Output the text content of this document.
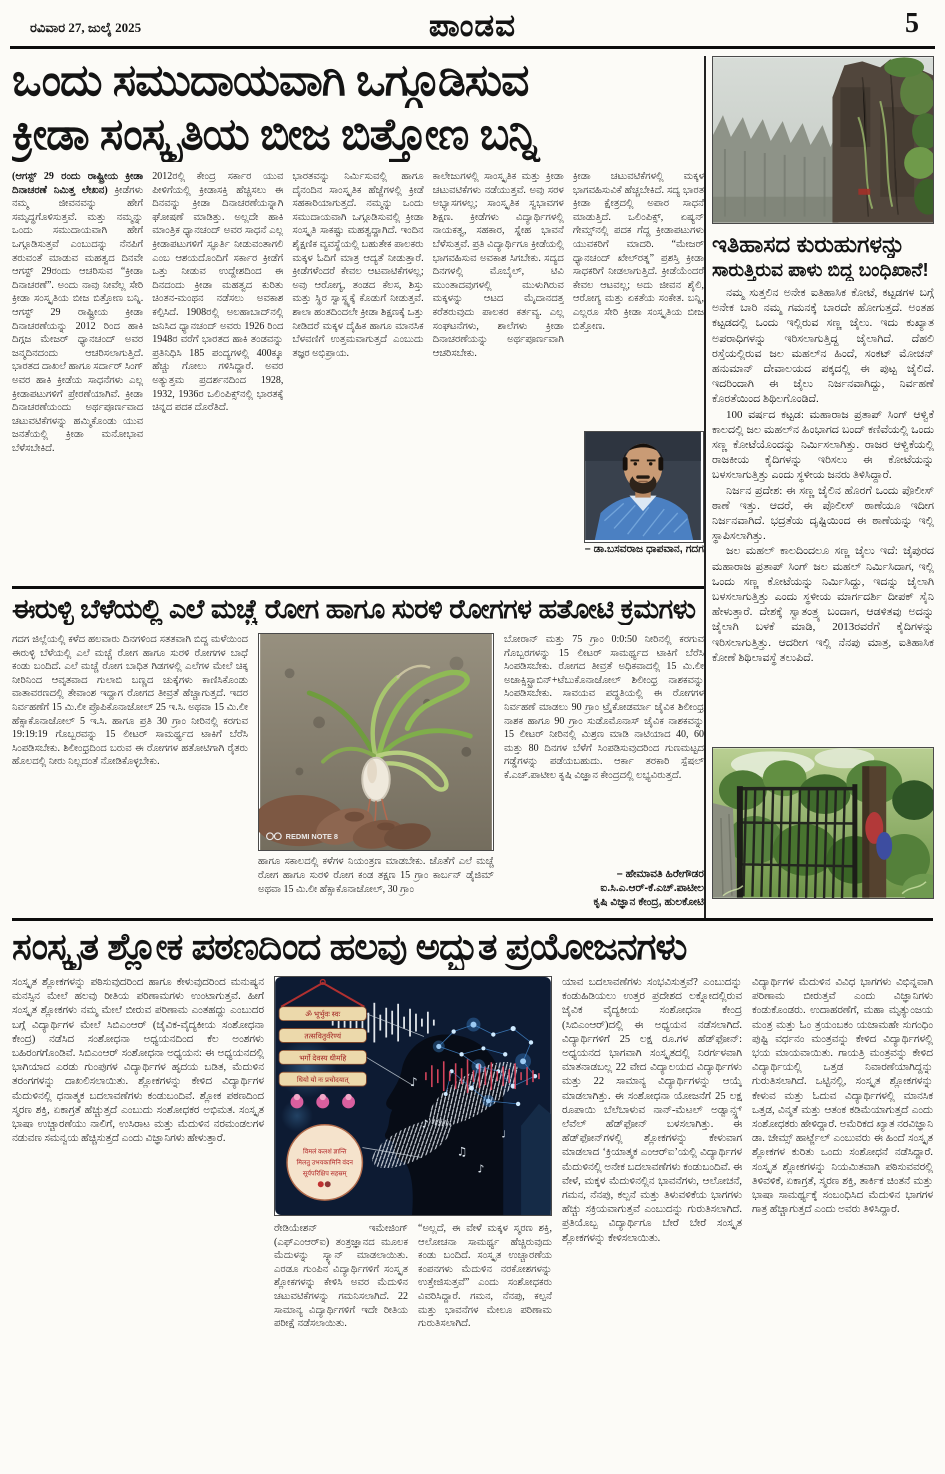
ರವಿವಾರ 27, ಜುಲೈ 2025	ಪಾಂಡವ	5
ಒಂದು ಸಮುದಾಯವಾಗಿ ಒಗ್ಗೂಡಿಸುವ
ಕ್ರೀಡಾ ಸಂಸ್ಕೃತಿಯ ಬೀಜ ಬಿತ್ತೋಣ ಬನ್ನಿ
(ಆಗಸ್ಟ್ 29 ರಂದು ರಾಷ್ಟ್ರೀಯ ಕ್ರೀಡಾ ದಿನಾಚರಣೆ ನಿಮಿತ್ತ ಲೇಖನ) ಕ್ರೀಡೆಗಳು ನಮ್ಮ ಜೀವನವನ್ನು ಹೇಗೆ ಸಮೃದ್ಧಗೊಳಿಸುತ್ತವೆ. ಮತ್ತು ನಮ್ಮನ್ನು ಒಂದು ಸಮುದಾಯವಾಗಿ ಹೇಗೆ ಒಗ್ಗೂಡಿಸುತ್ತವೆ ಎಂಬುದನ್ನು ನೆನಪಿಗೆ ತರುವಂತೆ ಮಾಡುವ ಮಹತ್ವದ ದಿನವೇ ಆಗಸ್ಟ್ 29ರಂದು ಆಚರಿಸುವ “ಕ್ರೀಡಾ ದಿನಾಚರಣೆ”. ಅಂದು ನಾವು ನೀವೆಲ್ಲ ಸೇರಿ ಕ್ರೀಡಾ ಸಂಸ್ಕೃತಿಯ ಬೀಜ ಬಿತ್ತೋಣ ಬನ್ನಿ. ಆಗಸ್ಟ್ 29 ರಾಷ್ಟ್ರೀಯ ಕ್ರೀಡಾ ದಿನಾಚರಣೆಯನ್ನು 2012 ರಿಂದ ಹಾಕಿ ದಿಗ್ಗಜ ಮೇಜರ್ ಧ್ಯಾನಚಂದ್ ಅವರ ಜನ್ಮದಿನದಂದು ಆಚರಿಸಲಾಗುತ್ತಿದೆ. ಭಾರತದ ದಾಖಲೆ ಹಾಗೂ ಸರ್ದಾರ್ ಸಿಂಗ್ ಅವರ ಹಾಕಿ ಕ್ರೀಡೆಯ ಸಾಧನೆಗಳು ಎಲ್ಲ ಕ್ರೀಡಾಪಟುಗಳಿಗೆ ಪ್ರೇರಣೆಯಾಗಿವೆ. ಕ್ರೀಡಾ ದಿನಾಚರಣೆಯಂದು ಅರ್ಥಪೂರ್ಣವಾದ ಚಟುವಟಿಕೆಗಳನ್ನು ಹಮ್ಮಿಕೊಂಡು ಯುವ ಜನತೆಯಲ್ಲಿ ಕ್ರೀಡಾ ಮನೋಭಾವ ಬೆಳೆಸಬೇಕಿದೆ.
2012ರಲ್ಲಿ ಕೇಂದ್ರ ಸರ್ಕಾರ ಯುವ ಪೀಳಿಗೆಯಲ್ಲಿ ಕ್ರೀಡಾಸಕ್ತಿ ಹೆಚ್ಚಿಸಲು ಈ ದಿನವನ್ನು ಕ್ರೀಡಾ ದಿನಾಚರಣೆಯನ್ನಾಗಿ ಘೋಷಣೆ ಮಾಡಿತ್ತು. ಅಲ್ಲದೇ ಹಾಕಿ ಮಾಂತ್ರಿಕ ಧ್ಯಾನಚಂದ್ ಅವರ ಸಾಧನೆ ಎಲ್ಲ ಕ್ರೀಡಾಪಟುಗಳಿಗೆ ಸ್ಫೂರ್ತಿ ನೀಡುವಂತಾಗಲಿ ಎಂಬ ಆಶಯದೊಂದಿಗೆ ಸರ್ಕಾರ ಕ್ರೀಡೆಗೆ ಒತ್ತು ನೀಡುವ ಉದ್ದೇಶದಿಂದ ಈ ದಿನದಂದು ಕ್ರೀಡಾ ಮಹತ್ವದ ಕುರಿತು ಚಿಂತನ-ಮಂಥನ ನಡೆಸಲು ಅವಕಾಶ ಕಲ್ಪಿಸಿದೆ. 1908ರಲ್ಲಿ ಅಲಹಾಬಾದ್‌ನಲ್ಲಿ ಜನಿಸಿದ ಧ್ಯಾನಚಂದ್ ಅವರು 1926 ರಿಂದ 1948ರ ವರೆಗೆ ಭಾರತದ ಹಾಕಿ ತಂಡವನ್ನು ಪ್ರತಿನಿಧಿಸಿ 185 ಪಂದ್ಯಗಳಲ್ಲಿ 400ಕ್ಕೂ ಹೆಚ್ಚು ಗೋಲು ಗಳಿಸಿದ್ದಾರೆ. ಅವರ ಅತ್ಯುತ್ತಮ ಪ್ರದರ್ಶನದಿಂದ 1928, 1932, 1936ರ ಒಲಿಂಪಿಕ್ಸ್‌ನಲ್ಲಿ ಭಾರತಕ್ಕೆ ಚಿನ್ನದ ಪದಕ ದೊರೆತಿದೆ.
ಭಾರತವನ್ನು ನಿರ್ಮಿಸುವಲ್ಲಿ ಹಾಗೂ ದೈನಂದಿನ ಸಾಂಸ್ಕೃತಿಕ ಹೆಜ್ಜೆಗಳಲ್ಲಿ ಕ್ರೀಡೆ ಸಹಕಾರಿಯಾಗುತ್ತದೆ. ನಮ್ಮನ್ನು ಒಂದು ಸಮುದಾಯವಾಗಿ ಒಗ್ಗೂಡಿಸುವಲ್ಲಿ ಕ್ರೀಡಾ ಸಂಸ್ಕೃತಿ ಸಾಕಷ್ಟು ಮಹತ್ವದ್ದಾಗಿದೆ. ಇಂದಿನ ಶೈಕ್ಷಣಿಕ ವ್ಯವಸ್ಥೆಯಲ್ಲಿ ಬಹುತೇಕ ಪಾಲಕರು ಮಕ್ಕಳ ಓದಿಗೆ ಮಾತ್ರ ಆದ್ಯತೆ ನೀಡುತ್ತಾರೆ. ಕ್ರೀಡೆಗಳೆಂದರೆ ಕೇವಲ ಆಟವಾಟಿಕೆಗಳಲ್ಲ; ಅವು ಆರೋಗ್ಯ, ತಂಡದ ಕೆಲಸ, ಶಿಸ್ತು ಮತ್ತು ಸ್ಥಿರ ಸ್ವಾಸ್ಥ್ಯಕ್ಕೆ ಕೊಡುಗೆ ನೀಡುತ್ತವೆ. ಶಾಲಾ ಹಂತದಿಂದಲೇ ಕ್ರೀಡಾ ಶಿಕ್ಷಣಕ್ಕೆ ಒತ್ತು ನೀಡಿದರೆ ಮಕ್ಕಳ ದೈಹಿಕ ಹಾಗೂ ಮಾನಸಿಕ ಬೆಳವಣಿಗೆ ಉತ್ತಮವಾಗುತ್ತದೆ ಎಂಬುದು ತಜ್ಞರ ಅಭಿಪ್ರಾಯ.
ಕಾಲೇಜುಗಳಲ್ಲಿ ಸಾಂಸ್ಕೃತಿಕ ಮತ್ತು ಕ್ರೀಡಾ ಚಟುವಟಿಕೆಗಳು ನಡೆಯುತ್ತವೆ. ಅವು ಸರಳ ಅಭ್ಯಾಸಗಳಲ್ಲ; ಸಾಂಸ್ಕೃತಿಕ ಸ್ವಭಾವಗಳ ಶಿಕ್ಷಣ. ಕ್ರೀಡೆಗಳು ವಿದ್ಯಾರ್ಥಿಗಳಲ್ಲಿ ನಾಯಕತ್ವ, ಸಹಕಾರ, ಸ್ನೇಹ ಭಾವನೆ ಬೆಳೆಸುತ್ತವೆ. ಪ್ರತಿ ವಿದ್ಯಾರ್ಥಿಗೂ ಕ್ರೀಡೆಯಲ್ಲಿ ಭಾಗವಹಿಸುವ ಅವಕಾಶ ಸಿಗಬೇಕು. ಸದ್ಯದ ದಿನಗಳಲ್ಲಿ ಮೊಬೈಲ್, ಟಿವಿ ಮುಂತಾದವುಗಳಲ್ಲಿ ಮುಳುಗಿರುವ ಮಕ್ಕಳನ್ನು ಆಟದ ಮೈದಾನದತ್ತ ಕರೆತರುವುದು ಪಾಲಕರ ಕರ್ತವ್ಯ. ಎಲ್ಲ ಸಂಘಟನೆಗಳು, ಶಾಲೆಗಳು ಕ್ರೀಡಾ ದಿನಾಚರಣೆಯನ್ನು ಅರ್ಥಪೂರ್ಣವಾಗಿ ಆಚರಿಸಬೇಕು.
ಕ್ರೀಡಾ ಚಟುವಟಿಕೆಗಳಲ್ಲಿ ಮಕ್ಕಳ ಭಾಗವಹಿಸುವಿಕೆ ಹೆಚ್ಚಬೇಕಿದೆ. ಸದ್ಯ ಭಾರತ ಕ್ರೀಡಾ ಕ್ಷೇತ್ರದಲ್ಲಿ ಅಪಾರ ಸಾಧನೆ ಮಾಡುತ್ತಿದೆ. ಒಲಿಂಪಿಕ್ಸ್, ಏಷ್ಯನ್ ಗೇಮ್ಸ್‌ನಲ್ಲಿ ಪದಕ ಗೆದ್ದ ಕ್ರೀಡಾಪಟುಗಳು ಯುವಕರಿಗೆ ಮಾದರಿ. “ಮೇಜರ್ ಧ್ಯಾನಚಂದ್ ಖೇಲ್‌ರತ್ನ” ಪ್ರಶಸ್ತಿ ಕ್ರೀಡಾ ಸಾಧಕರಿಗೆ ನೀಡಲಾಗುತ್ತಿದೆ. ಕ್ರೀಡೆಯೆಂದರೆ ಕೇವಲ ಆಟವಲ್ಲ; ಅದು ಜೀವನ ಶೈಲಿ, ಆರೋಗ್ಯ ಮತ್ತು ಏಕತೆಯ ಸಂಕೇತ. ಬನ್ನಿ, ಎಲ್ಲರೂ ಸೇರಿ ಕ್ರೀಡಾ ಸಂಸ್ಕೃತಿಯ ಬೀಜ ಬಿತ್ತೋಣ.
– ಡಾ.ಬಸವರಾಜ ಧಾಪವಾನ, ಗದಗ
ಇತಿಹಾಸದ ಕುರುಹುಗಳನ್ನು
ಸಾರುತ್ತಿರುವ ಪಾಳು ಬಿದ್ದ ಬಂಧಿಖಾನೆ!

ನಮ್ಮ ಸುತ್ತಲಿನ ಅನೇಕ ಐತಿಹಾಸಿಕ ಕೋಟೆ, ಕಟ್ಟಡಗಳ ಬಗ್ಗೆ ಅನೇಕ ಬಾರಿ ನಮ್ಮ ಗಮನಕ್ಕೆ ಬಾರದೇ ಹೋಗುತ್ತದೆ. ಅಂತಹ ಕಟ್ಟಡದಲ್ಲಿ ಒಂದು ಇಲ್ಲಿರುವ ಸಣ್ಣ ಜೈಲು. ಇದು ಕುಖ್ಯಾತ ಅಪರಾಧಿಗಳನ್ನು ಇರಿಸಲಾಗುತ್ತಿದ್ದ ಜೈಲಾಗಿದೆ. ದೆಹಲಿ ರಸ್ತೆಯಲ್ಲಿರುವ ಜಲ ಮಹಲ್‌ನ ಹಿಂದೆ, ಸಂಕಟ್ ಮೋಚನ್ ಹನುಮಾನ್ ದೇವಾಲಯದ ಪಕ್ಕದಲ್ಲಿ ಈ ಪುಟ್ಟ ಜೈಲಿದೆ. ಇದರಿಂದಾಗಿ ಈ ಜೈಲು ನಿರ್ಜನವಾಗಿದ್ದು, ನಿರ್ವಹಣೆ ಕೊರತೆಯಿಂದ ಶಿಥಿಲಗೊಂಡಿದೆ.

100 ವರ್ಷದ ಕಟ್ಟಡ: ಮಹಾರಾಜ ಪ್ರತಾಪ್ ಸಿಂಗ್ ಆಳ್ವಿಕೆ ಕಾಲದಲ್ಲಿ ಜಲ ಮಹಲ್‌ನ ಹಿಂಭಾಗದ ಬಂದ್ ಕಣಿವೆಯಲ್ಲಿ ಒಂದು ಸಣ್ಣ ಕೋಟೆಯೊಂದನ್ನು ನಿರ್ಮಿಸಲಾಗಿತ್ತು. ರಾಜರ ಆಳ್ವಿಕೆಯಲ್ಲಿ ರಾಜಕೀಯ ಕೈದಿಗಳನ್ನು ಇರಿಸಲು ಈ ಕೋಟೆಯನ್ನು ಬಳಸಲಾಗುತ್ತಿತ್ತು ಎಂದು ಸ್ಥಳೀಯ ಜನರು ತಿಳಿಸಿದ್ದಾರೆ.

ನಿರ್ಜನ ಪ್ರದೇಶ: ಈ ಸಣ್ಣ ಜೈಲಿನ ಹೊರಗೆ ಒಂದು ಪೊಲೀಸ್ ಠಾಣೆ ಇತ್ತು. ಆದರೆ, ಈ ಪೊಲೀಸ್ ಠಾಣೆಯೂ ಇದೀಗ ನಿರ್ಜನವಾಗಿದೆ. ಭದ್ರತೆಯ ದೃಷ್ಟಿಯಿಂದ ಈ ಠಾಣೆಯನ್ನು ಇಲ್ಲಿ ಸ್ಥಾಪಿಸಲಾಗಿತ್ತು.

ಜಲ ಮಹಲ್ ಕಾಲದಿಂದಲೂ ಸಣ್ಣ ಜೈಲು ಇದೆ: ಜೈಪುರದ ಮಹಾರಾಜ ಪ್ರತಾಪ್ ಸಿಂಗ್ ಜಲ ಮಹಲ್ ನಿರ್ಮಿಸಿದಾಗ, ಇಲ್ಲಿ ಒಂದು ಸಣ್ಣ ಕೋಟೆಯನ್ನು ನಿರ್ಮಿಸಿದ್ದು, ಇದನ್ನು ಜೈಲಾಗಿ ಬಳಸಲಾಗುತ್ತಿತ್ತು ಎಂದು ಸ್ಥಳೀಯ ಮಾರ್ಗದರ್ಶಿ ದೀಪಕ್ ಸೈನಿ ಹೇಳುತ್ತಾರೆ. ದೇಶಕ್ಕೆ ಸ್ವಾತಂತ್ರ್ಯ ಬಂದಾಗ, ಆಡಳಿತವು ಅದನ್ನು ಜೈಲಾಗಿ ಬಳಕೆ ಮಾಡಿ, 2013ರವರೆಗೆ ಕೈದಿಗಳನ್ನು ಇರಿಸಲಾಗುತ್ತಿತ್ತು. ಆದರೀಗ ಇಲ್ಲಿ ನೆನಪು ಮಾತ್ರ, ಐತಿಹಾಸಿಕ ಕೋಣೆ ಶಿಥಿಲಾವಸ್ಥೆ ತಲುಪಿದೆ.

ಈರುಳ್ಳಿ ಬೆಳೆಯಲ್ಲಿ ಎಲೆ ಮಚ್ಚೆ ರೋಗ ಹಾಗೂ ಸುರಳಿ ರೋಗಗಳ ಹತೋಟಿ ಕ್ರಮಗಳು
ಗದಗ ಜಿಲ್ಲೆಯಲ್ಲಿ ಕಳೆದ ಹಲವಾರು ದಿನಗಳಿಂದ ಸತತವಾಗಿ ಬಿದ್ದ ಮಳೆಯಿಂದ ಈರುಳ್ಳಿ ಬೆಳೆಯಲ್ಲಿ ಎಲೆ ಮಚ್ಚೆ ರೋಗ ಹಾಗೂ ಸುರಳಿ ರೋಗಗಳ ಬಾಧೆ ಕಂಡು ಬಂದಿದೆ. ಎಲೆ ಮಚ್ಚೆ ರೋಗ ಬಾಧಿತ ಗಿಡಗಳಲ್ಲಿ ಎಲೆಗಳ ಮೇಲೆ ಚಿಕ್ಕ ನೀರಿನಿಂದ ಆವೃತವಾದ ಗುಲಾಬಿ ಬಣ್ಣದ ಚುಕ್ಕೆಗಳು ಕಾಣಿಸಿಕೊಂಡು ವಾತಾವರಣದಲ್ಲಿ ತೇವಾಂಶ ಇದ್ದಾಗ ರೋಗದ ತೀವ್ರತೆ ಹೆಚ್ಚಾಗುತ್ತದೆ. ಇದರ ನಿರ್ವಹಣೆಗೆ 15 ಮಿ.ಲೀ ಪ್ರೊಪಿಕೊನಾಜೋಲ್ 25 ಇ.ಸಿ. ಅಥವಾ 15 ಮಿ.ಲೀ ಹೆಕ್ಸಾಕೊನಾಜೋಲ್ 5 ಇ.ಸಿ. ಹಾಗೂ ಪ್ರತಿ 30 ಗ್ರಾಂ ನೀರಿನಲ್ಲಿ ಕರಗುವ 19:19:19 ಗೊಬ್ಬರವನ್ನು 15 ಲೀಟರ್ ಸಾಮರ್ಥ್ಯದ ಟಾಕಿಗೆ ಬೆರೆಸಿ ಸಿಂಪಡಿಸಬೇಕು. ಶಿಲೀಂಧ್ರದಿಂದ ಬರುವ ಈ ರೋಗಗಳ ಹತೋಟಿಗಾಗಿ ರೈತರು ಹೊಲದಲ್ಲಿ ನೀರು ನಿಲ್ಲದಂತೆ ನೋಡಿಕೊಳ್ಳಬೇಕು.
REDMI NOTE 8
ಹಾಗೂ ಸಕಾಲದಲ್ಲಿ ಕಳೆಗಳ ನಿಯಂತ್ರಣ ಮಾಡಬೇಕು. ಜೊತೆಗೆ ಎಲೆ ಮಚ್ಚೆ ರೋಗ ಹಾಗೂ ಸುರಳಿ ರೋಗ ಕಂಡ ತಕ್ಷಣ 15 ಗ್ರಾಂ ಕಾರ್ಬನ್ ಡೈಜಿಮ್ ಅಥವಾ 15 ಮಿ.ಲೀ ಹೆಕ್ಸಾಕೊನಾಜೋಲ್, 30 ಗ್ರಾಂ
ಬೋರಾನ್ ಮತ್ತು 75 ಗ್ರಾಂ 0:0:50 ನೀರಿನಲ್ಲಿ ಕರಗುವ ಗೊಬ್ಬರಗಳನ್ನು 15 ಲೀಟರ್ ಸಾಮರ್ಥ್ಯದ ಟಾಕಿಗೆ ಬೆರೆಸಿ ಸಿಂಪಡಿಸಬೇಕು. ರೋಗದ ತೀವ್ರತೆ ಅಧಿಕವಾದಲ್ಲಿ 15 ಮಿ.ಲೀ ಅಜಾಕ್ಸಿಸ್ಟ್ರಾಬಿನ್+ಟೆಬುಕೊನಾಜೋಲ್ ಶಿಲೀಂಧ್ರ ನಾಶಕವನ್ನು ಸಿಂಪಡಿಸಬೇಕು. ಸಾವಯವ ಪದ್ಧತಿಯಲ್ಲಿ ಈ ರೋಗಗಳ ನಿರ್ವಹಣೆ ಮಾಡಲು 90 ಗ್ರಾಂ ಟ್ರೈಕೋಡರ್ಮಾ ಜೈವಿಕ ಶಿಲೀಂಧ್ರ ನಾಶಕ ಹಾಗೂ 90 ಗ್ರಾಂ ಸುಡೊಮೊನಾಸ್ ಜೈವಿಕ ನಾಶಕವನ್ನು 15 ಲೀಟರ್ ನೀರಿನಲ್ಲಿ ಮಿಶ್ರಣ ಮಾಡಿ ನಾಟಿಯಾದ 40, 60 ಮತ್ತು 80 ದಿನಗಳ ಬೆಳೆಗೆ ಸಿಂಪಡಿಸುವುದರಿಂದ ಗುಣಮಟ್ಟದ ಗಡ್ಡೆಗಳನ್ನು ಪಡೆಯಬಹುದು. ಆರ್ಕಾ ತರಕಾರಿ ಸ್ಪೆಷಲ್ ಕೆ.ಎಚ್.ಪಾಟೀಲ ಕೃಷಿ ವಿಜ್ಞಾನ ಕೇಂದ್ರದಲ್ಲಿ ಲಭ್ಯವಿರುತ್ತದೆ.
– ಹೇಮಾವತಿ ಹಿರೇಗೌಡರ
ಐ.ಸಿ.ಎ.ಆರ್-ಕೆ.ಎಚ್.ಪಾಟೀಲ
ಕೃಷಿ ವಿಜ್ಞಾನ ಕೇಂದ್ರ, ಹುಲಕೋಟಿ
ಸಂಸ್ಕೃತ ಶ್ಲೋಕ ಪಠಣದಿಂದ ಹಲವು ಅದ್ಭುತ ಪ್ರಯೋಜನಗಳು
ಸಂಸ್ಕೃತ ಶ್ಲೋಕಗಳನ್ನು ಪಠಿಸುವುದರಿಂದ ಹಾಗೂ ಕೇಳುವುದರಿಂದ ಮನುಷ್ಯನ ಮನಸ್ಸಿನ ಮೇಲೆ ಹಲವು ರೀತಿಯ ಪರಿಣಾಮಗಳು ಉಂಟಾಗುತ್ತವೆ. ಹೀಗೆ ಸಂಸ್ಕೃತ ಶ್ಲೋಕಗಳು ನಮ್ಮ ಮೇಲೆ ಬೀರುವ ಪರಿಣಾಮ ಎಂತಹದ್ದು ಎಂಬುದರ ಬಗ್ಗೆ ವಿದ್ಯಾರ್ಥಿಗಳ ಮೇಲೆ ಸಿಬಿಎಂಆರ್ (ಜೈವಿಕ-ವೈದ್ಯಕೀಯ ಸಂಶೋಧನಾ ಕೇಂದ್ರ) ನಡೆಸಿದ ಸಂಶೋಧನಾ ಅಧ್ಯಯನದಿಂದ ಕೆಲ ಅಂಶಗಳು ಬಹಿರಂಗಗೊಂಡಿವೆ. ಸಿಬಿಎಂಆರ್ ಸಂಶೋಧನಾ ಅಧ್ಯಯನ: ಈ ಅಧ್ಯಯನದಲ್ಲಿ ಭಾಗಿಯಾದ ಎರಡು ಗುಂಪುಗಳ ವಿದ್ಯಾರ್ಥಿಗಳ ಹೃದಯ ಬಡಿತ, ಮೆದುಳಿನ ತರಂಗಗಳನ್ನು ದಾಖಲಿಸಲಾಯಿತು. ಶ್ಲೋಕಗಳನ್ನು ಕೇಳಿದ ವಿದ್ಯಾರ್ಥಿಗಳ ಮೆದುಳಿನಲ್ಲಿ ಧನಾತ್ಮಕ ಬದಲಾವಣೆಗಳು ಕಂಡುಬಂದಿವೆ. ಶ್ಲೋಕ ಪಠಣದಿಂದ ಸ್ಮರಣ ಶಕ್ತಿ, ಏಕಾಗ್ರತೆ ಹೆಚ್ಚುತ್ತದೆ ಎಂಬುದು ಸಂಶೋಧಕರ ಅಭಿಮತ. ಸಂಸ್ಕೃತ ಭಾಷಾ ಉಚ್ಚಾರಣೆಯು ನಾಲಿಗೆ, ಉಸಿರಾಟ ಮತ್ತು ಮೆದುಳಿನ ನರಮಂಡಲಗಳ ನಡುವಣ ಸಮನ್ವಯ ಹೆಚ್ಚಿಸುತ್ತದೆ ಎಂದು ವಿಜ್ಞಾನಿಗಳು ಹೇಳುತ್ತಾರೆ.
♪
♪
♫
♪
♩
ॐ भूर्भुवः स्वः
तत्सवितुर्वरेण्यं
भर्गो देवस्य धीमहि
धियो यो नः प्रचोदयात्
विमलं कलशं ज्ञान्ति
मिलतु उभयकामिनि वंदन
सूर्यपरिक्षिप सहस्रम्
ರೇಡಿಯೇಶನ್ ಇಮೇಜಿಂಗ್ (ಎಫ್‌ಎಂಆರ್‌ಐ) ತಂತ್ರಜ್ಞಾನದ ಮೂಲಕ ಮೆದುಳನ್ನು ಸ್ಕ್ಯಾನ್ ಮಾಡಲಾಯಿತು. ಎರಡೂ ಗುಂಪಿನ ವಿದ್ಯಾರ್ಥಿಗಳಿಗೆ ಸಂಸ್ಕೃತ ಶ್ಲೋಕಗಳನ್ನು ಕೇಳಿಸಿ ಅವರ ಮೆದುಳಿನ ಚಟುವಟಿಕೆಗಳನ್ನು ಗಮನಿಸಲಾಗಿದೆ. 22 ಸಾಮಾನ್ಯ ವಿದ್ಯಾರ್ಥಿಗಳಿಗೆ ಇದೇ ರೀತಿಯ ಪರೀಕ್ಷೆ ನಡೆಸಲಾಯಿತು.
“ಅಲ್ಲದೆ, ಈ ವೇಳೆ ಮಕ್ಕಳ ಸ್ಮರಣ ಶಕ್ತಿ, ಆಲೋಚನಾ ಸಾಮರ್ಥ್ಯ ಹೆಚ್ಚಿರುವುದು ಕಂಡು ಬಂದಿದೆ. ಸಂಸ್ಕೃತ ಉಚ್ಚಾರಣೆಯ ಕಂಪನಗಳು ಮೆದುಳಿನ ನರಕೋಶಗಳನ್ನು ಉತ್ತೇಜಿಸುತ್ತವೆ” ಎಂದು ಸಂಶೋಧಕರು ವಿವರಿಸಿದ್ದಾರೆ. ಗಮನ, ನೆನಪು, ಕಲ್ಪನೆ ಮತ್ತು ಭಾವನೆಗಳ ಮೇಲೂ ಪರಿಣಾಮ ಗುರುತಿಸಲಾಗಿದೆ.
ಯಾವ ಬದಲಾವಣೆಗಳು ಸಂಭವಿಸುತ್ತವೆ? ಎಂಬುದನ್ನು ಕಂಡುಹಿಡಿಯಲು ಉತ್ತರ ಪ್ರದೇಶದ ಲಕ್ನೋದಲ್ಲಿರುವ ಜೈವಿಕ ವೈದ್ಯಕೀಯ ಸಂಶೋಧನಾ ಕೇಂದ್ರ (ಸಿಬಿಎಂಆರ್)ದಲ್ಲಿ ಈ ಅಧ್ಯಯನ ನಡೆಸಲಾಗಿದೆ. ವಿದ್ಯಾರ್ಥಿಗಳಿಗೆ 25 ಲಕ್ಷ ರೂ.ಗಳ ಹೆಡ್‌ಫೋನ್: ಅಧ್ಯಯನದ ಭಾಗವಾಗಿ ಸಂಸ್ಕೃತದಲ್ಲಿ ನಿರರ್ಗಳವಾಗಿ ಮಾತನಾಡಬಲ್ಲ 22 ವೇದ ವಿದ್ಯಾಲಯದ ವಿದ್ಯಾರ್ಥಿಗಳು ಮತ್ತು 22 ಸಾಮಾನ್ಯ ವಿದ್ಯಾರ್ಥಿಗಳನ್ನು ಆಯ್ಕೆ ಮಾಡಲಾಗಿತ್ತು. ಈ ಸಂಶೋಧನಾ ಯೋಜನೆಗೆ 25 ಲಕ್ಷ ರೂಪಾಯಿ ಬೆಲೆಬಾಳುವ ನಾನ್-ಮೆಟಲ್ ಅಡ್ವಾನ್ಸ್ಡ್ ಲೆವೆಲ್ ಹೆಡ್‌ಫೋನ್ ಬಳಸಲಾಗಿತ್ತು. ಈ ಹೆಡ್‌ಫೋನ್‌ಗಳಲ್ಲಿ ಶ್ಲೋಕಗಳನ್ನು ಕೇಳುವಾಗ ಮಾಡಲಾದ ‘ಕ್ರಿಯಾತ್ಮಕ ಎಂಆರ್‌ಐ’ಯಲ್ಲಿ ವಿದ್ಯಾರ್ಥಿಗಳ ಮೆದುಳಿನಲ್ಲಿ ಅನೇಕ ಬದಲಾವಣೆಗಳು ಕಂಡುಬಂದಿವೆ. ಈ ವೇಳೆ, ಮಕ್ಕಳ ಮೆದುಳಿನಲ್ಲಿನ ಭಾವನೆಗಳು, ಆಲೋಚನೆ, ಗಮನ, ನೆನಪು, ಕಲ್ಪನೆ ಮತ್ತು ತಿಳುವಳಿಕೆಯ ಭಾಗಗಳು ಹೆಚ್ಚು ಸಕ್ರಿಯವಾಗುತ್ತವೆ ಎಂಬುದನ್ನು ಗುರುತಿಸಲಾಗಿದೆ. ಪ್ರತಿಯೊಬ್ಬ ವಿದ್ಯಾರ್ಥಿಗೂ ಬೇರೆ ಬೇರೆ ಸಂಸ್ಕೃತ ಶ್ಲೋಕಗಳನ್ನು ಕೇಳಿಸಲಾಯಿತು.
ವಿದ್ಯಾರ್ಥಿಗಳ ಮೆದುಳಿನ ವಿವಿಧ ಭಾಗಗಳು ವಿಭಿನ್ನವಾಗಿ ಪರಿಣಾಮ ಬೀರುತ್ತವೆ ಎಂದು ವಿಜ್ಞಾನಿಗಳು ಕಂಡುಕೊಂಡರು. ಉದಾಹರಣೆಗೆ, ಮಹಾ ಮೃತ್ಯುಂಜಯ ಮಂತ್ರ ಮತ್ತು ಓಂ ತ್ರಯಂಬಕಂ ಯಜಾಮಹೇ ಸುಗಂಧಿಂ ಪುಷ್ಟಿ ವರ್ಧನಂ ಮಂತ್ರವನ್ನು ಕೇಳಿದ ವಿದ್ಯಾರ್ಥಿಗಳಲ್ಲಿ ಭಯ ಮಾಯವಾಯಿತು. ಗಾಯತ್ರಿ ಮಂತ್ರವನ್ನು ಕೇಳಿದ ವಿದ್ಯಾರ್ಥಿಯಲ್ಲಿ ಒತ್ತಡ ನಿವಾರಣೆಯಾಗಿದ್ದನ್ನು ಗುರುತಿಸಲಾಗಿದೆ. ಒಟ್ಟಿನಲ್ಲಿ, ಸಂಸ್ಕೃತ ಶ್ಲೋಕಗಳನ್ನು ಕೇಳುವ ಮತ್ತು ಓದುವ ವಿದ್ಯಾರ್ಥಿಗಳಲ್ಲಿ ಮಾನಸಿಕ ಒತ್ತಡ, ವಿನ್ಮತೆ ಮತ್ತು ಆತಂಕ ಕಡಿಮೆಯಾಗುತ್ತದೆ ಎಂದು ಸಂಶೋಧಕರು ಹೇಳಿದ್ದಾರೆ. ಅಮೆರಿಕದ ಖ್ಯಾತ ನರವಿಜ್ಞಾನಿ ಡಾ. ಜೇಮ್ಸ್ ಹಾರ್ಟ್ಜೆಲ್ ಎಂಬುವರು ಈ ಹಿಂದೆ ಸಂಸ್ಕೃತ ಶ್ಲೋಕಗಳ ಕುರಿತು ಒಂದು ಸಂಶೋಧನೆ ನಡೆಸಿದ್ದಾರೆ. ಸಂಸ್ಕೃತ ಶ್ಲೋಕಗಳನ್ನು ನಿಯಮಿತವಾಗಿ ಪಠಿಸುವವರಲ್ಲಿ ತಿಳಿವಳಿಕೆ, ಏಕಾಗ್ರತೆ, ಸ್ಮರಣ ಶಕ್ತಿ, ತಾರ್ಕಿಕ ಚಿಂತನೆ ಮತ್ತು ಭಾಷಾ ಸಾಮರ್ಥ್ಯಕ್ಕೆ ಸಂಬಂಧಿಸಿದ ಮೆದುಳಿನ ಭಾಗಗಳ ಗಾತ್ರ ಹೆಚ್ಚಾಗುತ್ತದೆ ಎಂದು ಅವರು ತಿಳಿಸಿದ್ದಾರೆ.
